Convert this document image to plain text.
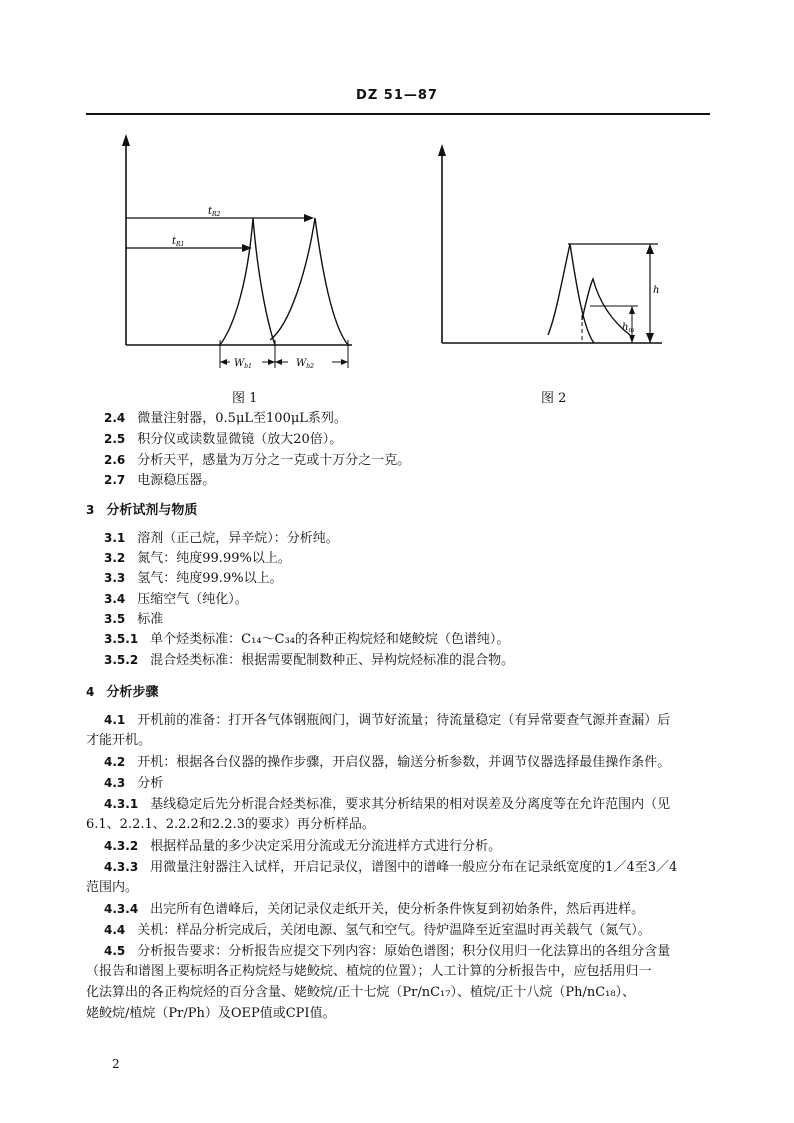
DZ 51—87
$t_{R2}$
$t_{R1}$
$W_{b1}$	$W_{b2}$
图 1
h
$h_m$
图 2
2.4 微量注射器，0.5μL至100μL系列。
2.5 积分仪或读数显微镜（放大20倍）。
2.6 分析天平，感量为万分之一克或十万分之一克。
2.7 电源稳压器。
3 分析试剂与物质
3.1 溶剂（正己烷，异辛烷）：分析纯。
3.2 氮气：纯度99.99%以上。
3.3 氢气：纯度99.9%以上。
3.4 压缩空气（纯化）。
3.5 标准
3.5.1 单个烃类标准：C₁₄～C₃₄的各种正构烷烃和姥鲛烷（色谱纯）。
3.5.2 混合烃类标准：根据需要配制数种正、异构烷烃标准的混合物。
4 分析步骤
4.1 开机前的准备：打开各气体钢瓶阀门，调节好流量；待流量稳定（有异常要查气源并查漏）后
才能开机。
4.2 开机：根据各台仪器的操作步骤，开启仪器，输送分析参数，并调节仪器选择最佳操作条件。
4.3 分析
4.3.1 基线稳定后先分析混合烃类标准，要求其分析结果的相对误差及分离度等在允许范围内（见
6.1、2.2.1、2.2.2和2.2.3的要求）再分析样品。
4.3.2 根据样品量的多少决定采用分流或无分流进样方式进行分析。
4.3.3 用微量注射器注入试样，开启记录仪，谱图中的谱峰一般应分布在记录纸宽度的1／4至3／4
范围内。
4.3.4 出完所有色谱峰后，关闭记录仪走纸开关，使分析条件恢复到初始条件，然后再进样。
4.4 关机：样品分析完成后，关闭电源、氢气和空气。待炉温降至近室温时再关载气（氮气）。
4.5 分析报告要求：分析报告应提交下列内容：原始色谱图；积分仪用归一化法算出的各组分含量
（报告和谱图上要标明各正构烷烃与姥鲛烷、植烷的位置）；人工计算的分析报告中，应包括用归一
化法算出的各正构烷烃的百分含量、姥鲛烷/正十七烷（Pr/nC₁₇）、植烷/正十八烷（Ph/nC₁₈）、
姥鲛烷/植烷（Pr/Ph）及OEP值或CPI值。
2
